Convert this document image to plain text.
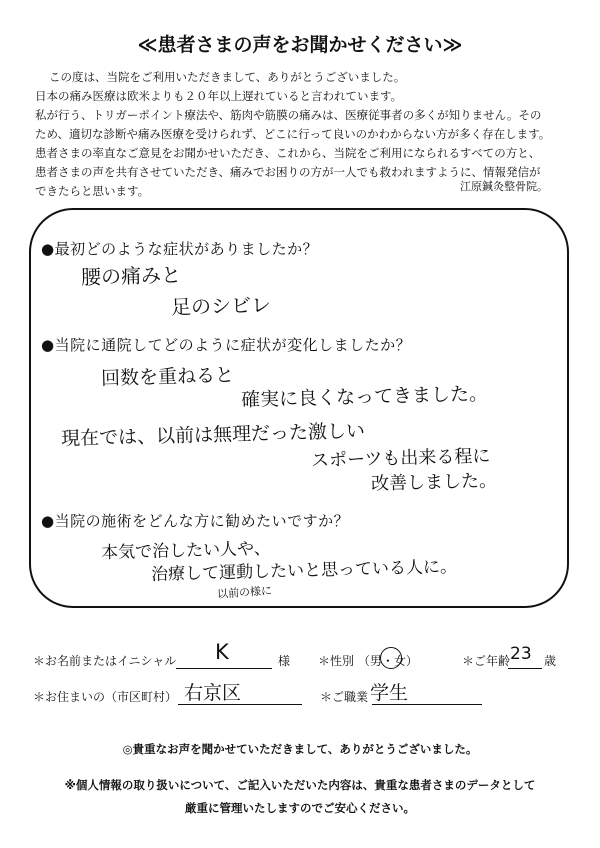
≪患者さまの声をお聞かせください≫
この度は、当院をご利用いただきまして、ありがとうございました。
日本の痛み医療は欧米よりも２０年以上遅れていると言われています。
私が行う、トリガーポイント療法や、筋肉や筋膜の痛みは、医療従事者の多くが知りません。その
ため、適切な診断や痛み医療を受けられず、どこに行って良いのかわからない方が多く存在します。
患者さまの率直なご意見をお聞かせいただき、これから、当院をご利用になられるすべての方と、
患者さまの声を共有させていただき、痛みでお困りの方が一人でも救われますように、情報発信が
できたらと思います。	江原鍼灸整骨院。
●最初どのような症状がありましたか？
腰の痛みと
足のシビレ
●当院に通院してどのように症状が変化しましたか？
回数を重ねると
確実に良くなってきました。
現在では、以前は無理だった激しい
スポーツも出来る程に
改善しました。
●当院の施術をどんな方に勧めたいですか？
本気で治したい人や、
治療して運動したいと思っている人に。
以前の様に
＊お名前またはイニシャル K	様 ＊性別 （男・女）	＊ご年齢 23 歳
＊お住まいの（市区町村） 右京区	＊ご職業 学生
◎貴重なお声を聞かせていただきまして、ありがとうございました。
※個人情報の取り扱いについて、ご記入いただいた内容は、貴重な患者さまのデータとして
厳重に管理いたしますのでご安心ください。
